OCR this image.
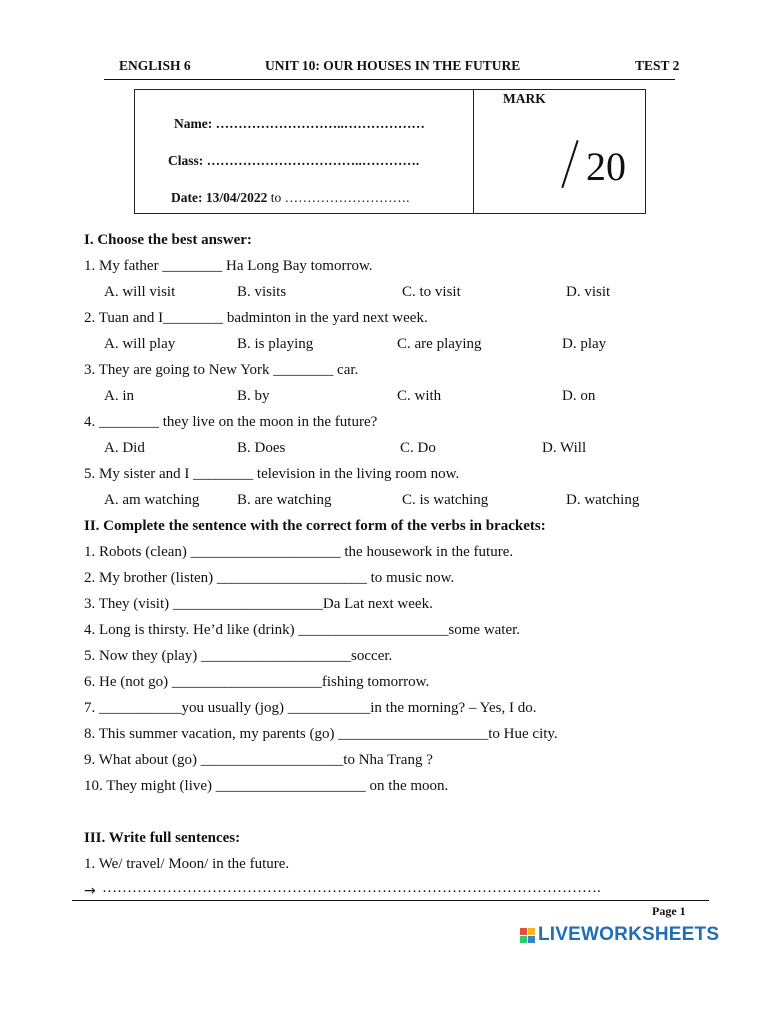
ENGLISH 6	UNIT 10: OUR HOUSES IN THE FUTURE	TEST 2
Name: ………………………..………………
Class: ……………………………..………….
Date: 13/04/2022 to ……………………….
MARK
20
I. Choose the best answer:
1. My father ________ Ha Long Bay tomorrow.
A. will visit	B. visits	C. to visit	D. visit
2. Tuan and I________ badminton in the yard next week.
A. will play	B. is playing	C. are playing	D. play
3. They are going to New York ________ car.
A. in	B. by	C. with	D. on
4. ________ they live on the moon in the future?
A. Did	B. Does	C. Do	D. Will
5. My sister and I ________ television in the living room now.
A. am watching	B. are watching	C. is watching	D. watching
II. Complete the sentence with the correct form of the verbs in brackets:
1. Robots (clean) ____________________ the housework in the future.
2. My brother (listen) ____________________ to music now.
3. They (visit) ____________________Da Lat next week.
4. Long is thirsty. He’d like (drink) ____________________some water.
5. Now they (play) ____________________soccer.
6. He (not go) ____________________fishing tomorrow.
7. ___________you usually (jog) ___________in the morning? – Yes, I do.
8. This summer vacation, my parents (go) ____________________to Hue city.
9. What about (go) ___________________to Nha Trang ?
10. They might (live) ____________________ on the moon.
III. Write full sentences:
1. We/ travel/ Moon/ in the future.
→ ……………………………………………………………………………………….
Page 1
LIVEWORKSHEETS
